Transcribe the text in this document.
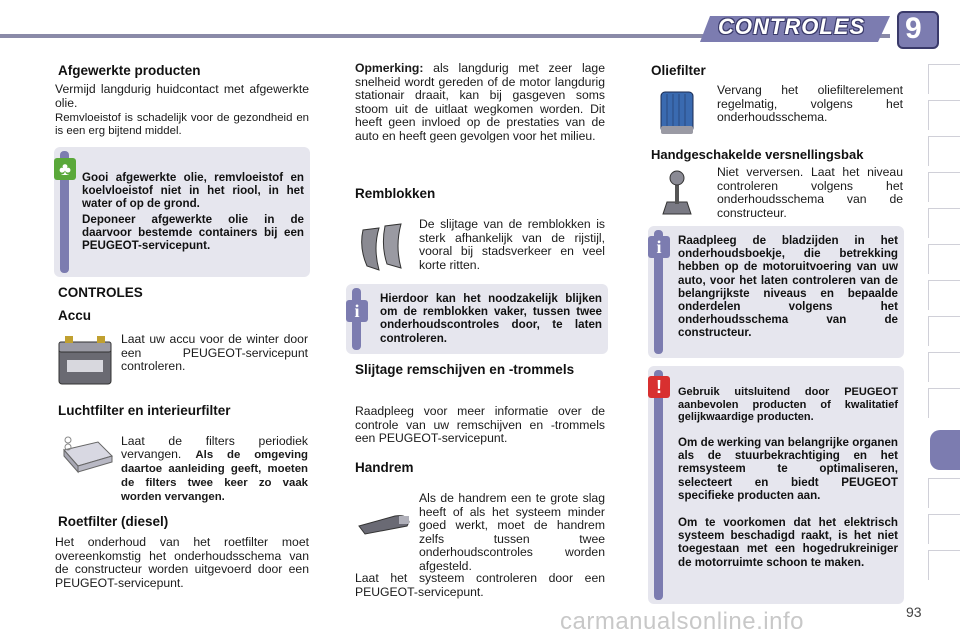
CONTROLES 9
Afgewerkte producten

Vermijd langdurig huidcontact met afgewerkte olie.

Remvloeistof is schadelijk voor de gezondheid en is een erg bijtend middel.

♣ Gooi afgewerkte olie, remvloeistof en koelvloeistof niet in het riool, in het water of op de grond.
Deponeer afgewerkte olie in de daarvoor bestemde containers bij een PEUGEOT-servicepunt.
CONTROLES
Accu

Laat uw accu voor de winter door een PEUGEOT-servicepunt controleren.

Luchtfilter en interieurfilter
Laat de filters periodiek vervangen. Als de omgeving daartoe aanleiding geeft, moeten de filters twee keer zo vaak worden vervangen.
Roetfilter (diesel)

Het onderhoud van het roetfilter moet overeenkomstig het onderhoudsschema van de constructeur worden uitgevoerd door een PEUGEOT-servicepunt.

Opmerking: als langdurig met zeer lage snelheid wordt gereden of de motor langdurig stationair draait, kan bij gasgeven soms stoom uit de uitlaat wegkomen worden. Dit heeft geen invloed op de prestaties van de auto en heeft geen gevolgen voor het milieu.
Remblokken

De slijtage van de remblokken is sterk afhankelijk van de rijstijl, vooral bij stadsverkeer en veel korte ritten.

i
Hierdoor kan het noodzakelijk blijken om de remblokken vaker, tussen twee onderhoudscontroles door, te laten controleren.
Slijtage remschijven en -trommels

Raadpleeg voor meer informatie over de controle van uw remschijven en -trommels een PEUGEOT-servicepunt.

Handrem

Als de handrem een te grote slag heeft of als het systeem minder goed werkt, moet de handrem zelfs tussen twee onderhoudscontroles worden afgesteld.

Laat het systeem controleren door een PEUGEOT-servicepunt.

Oliefilter

Vervang het oliefilterelement regelmatig, volgens het onderhoudsschema.

Handgeschakelde versnellingsbak

Niet verversen. Laat het niveau controleren volgens het onderhoudsschema van de constructeur.

i	Raadpleeg de bladzijden in het onderhoudsboekje, die betrekking hebben op de motoruitvoering van uw auto, voor het laten controleren van de belangrijkste niveaus en bepaalde onderdelen volgens het onderhoudsschema van de constructeur.
!	Gebruik uitsluitend door PEUGEOT aanbevolen producten of kwalitatief gelijkwaardige producten.
Om de werking van belangrijke organen als de stuurbekrachtiging en het remsysteem te optimaliseren, selecteert en biedt PEUGEOT specifieke producten aan.
Om te voorkomen dat het elektrisch systeem beschadigd raakt, is het niet toegestaan met een hogedrukreiniger de motorruimte schoon te maken.
carmanualsonline.info	93
